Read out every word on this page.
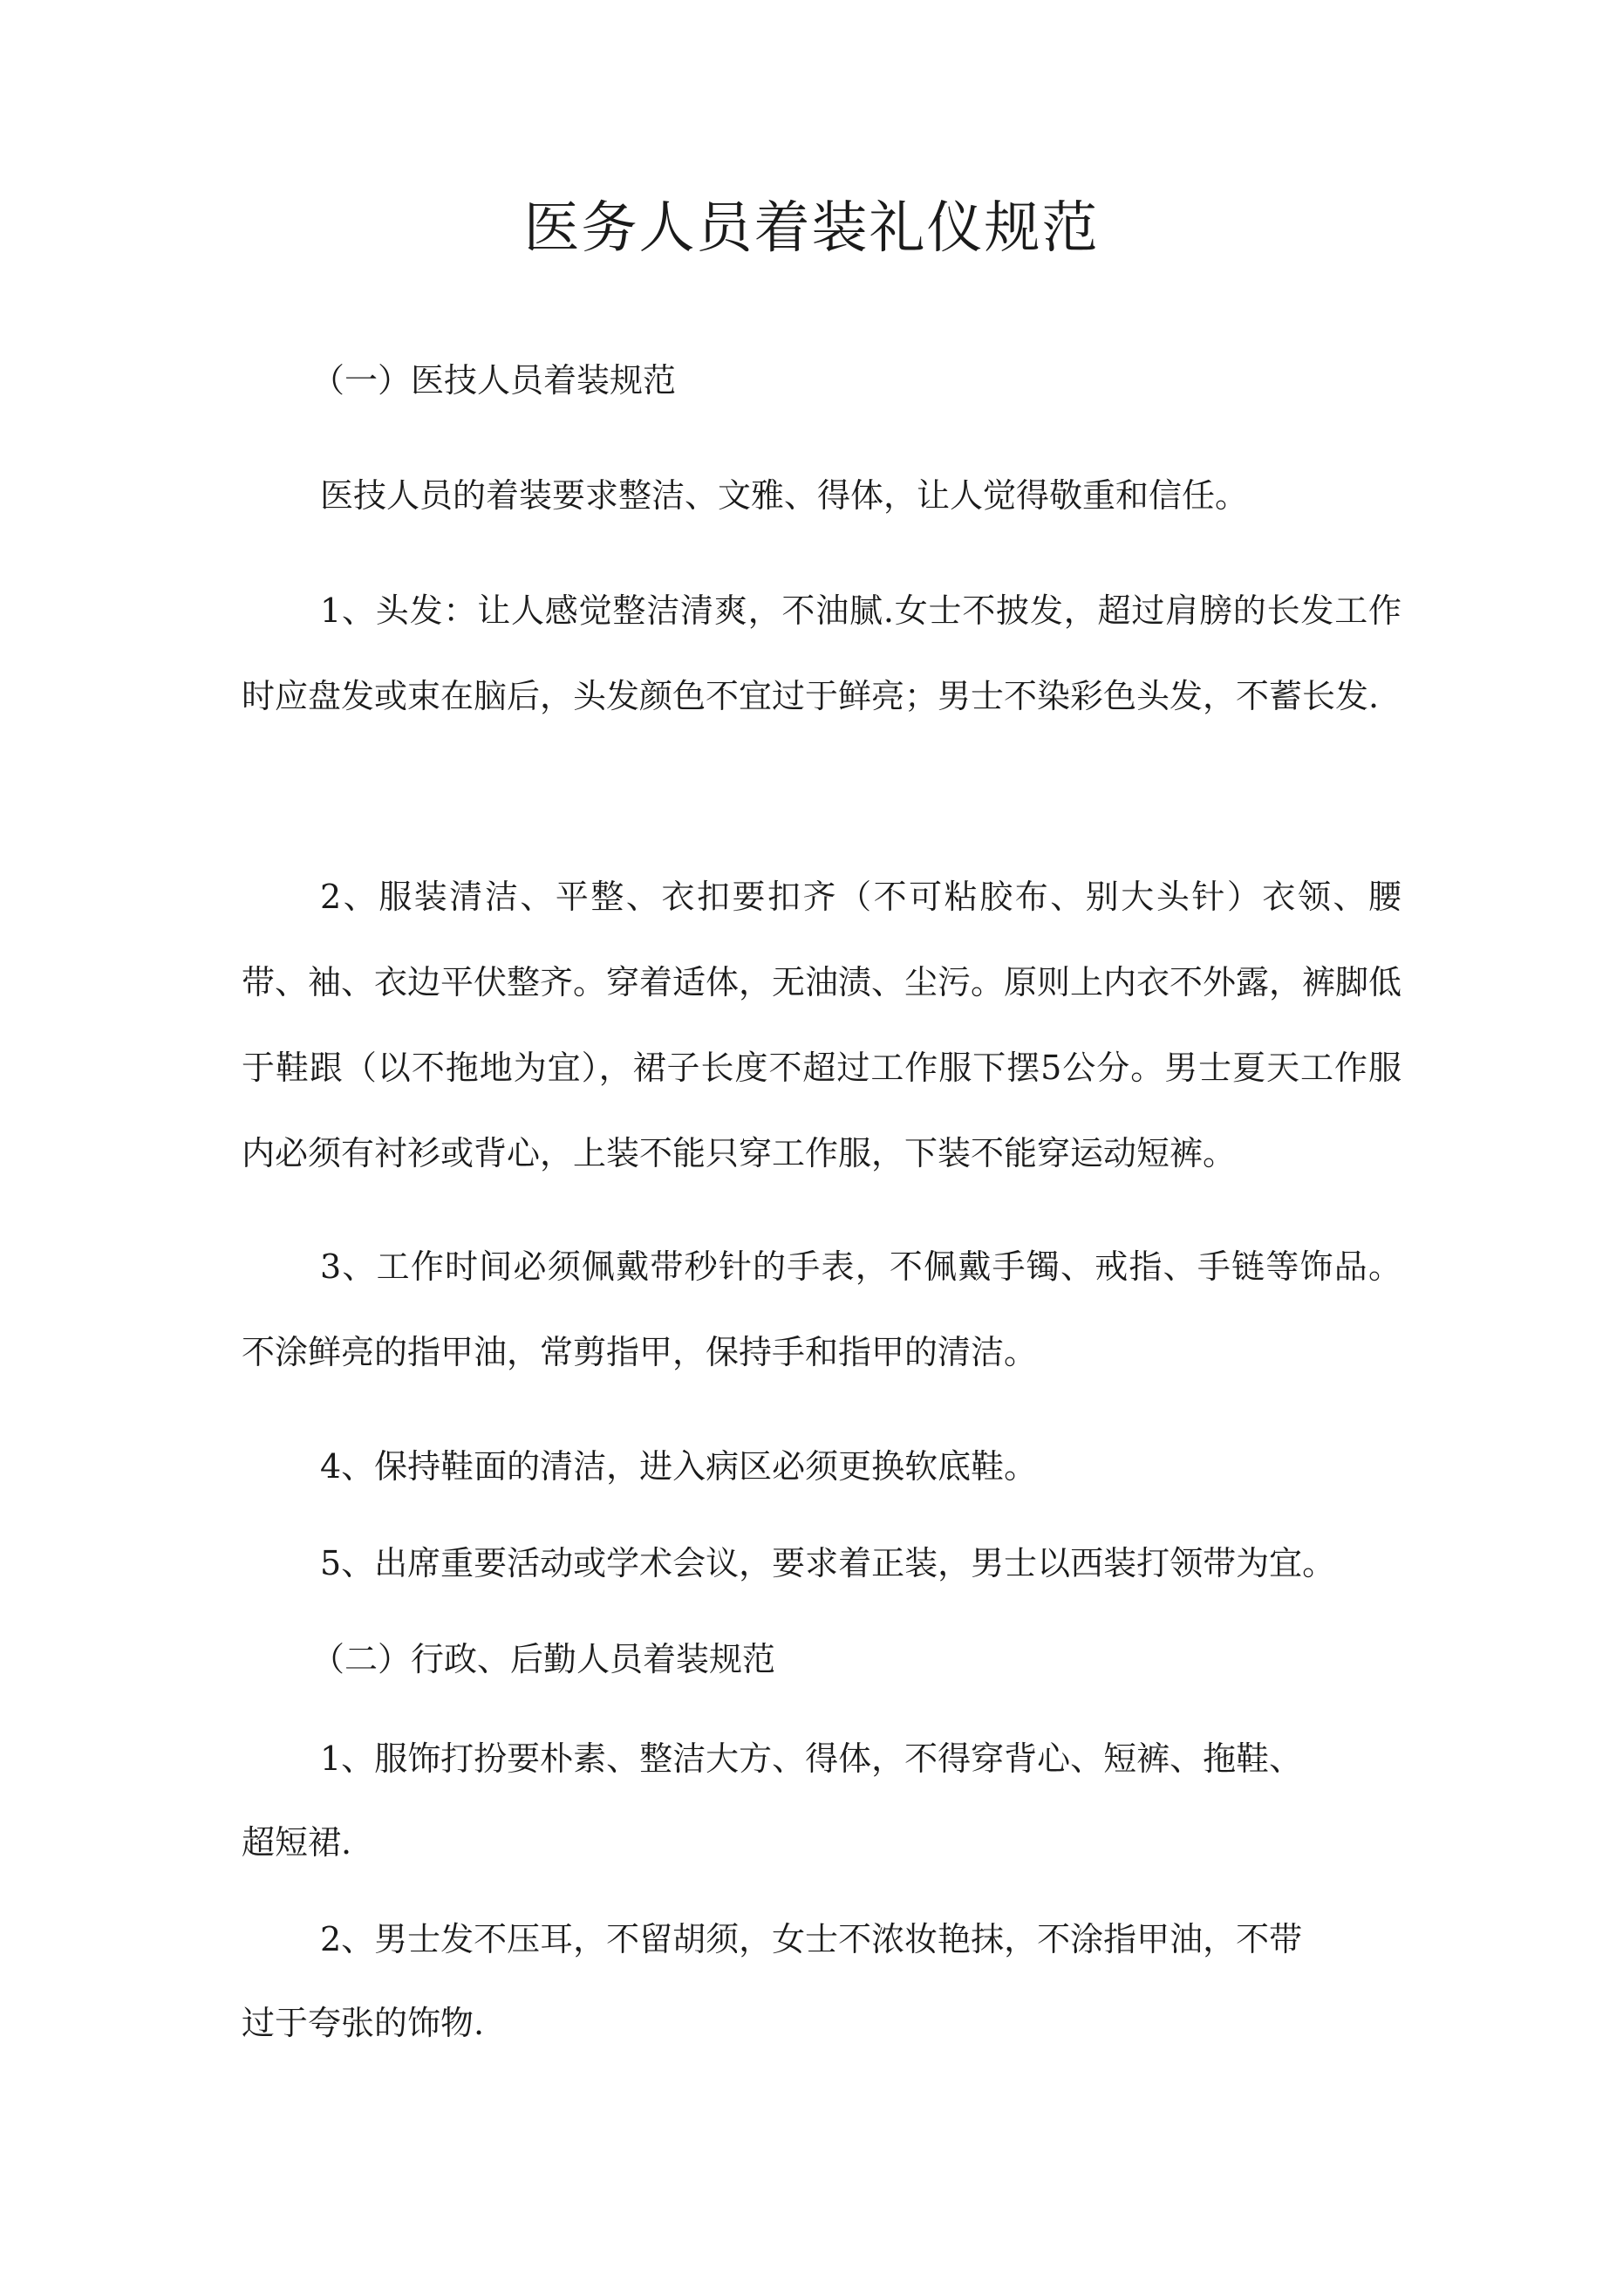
医务人员着装礼仪规范

（一）医技人员着装规范

医技人员的着装要求整洁、文雅、得体，让人觉得敬重和信任。

1、头发：让人感觉整洁清爽，不油腻.女士不披发，超过肩膀的长发工作时应盘发或束在脑后，头发颜色不宜过于鲜亮；男士不染彩色头发，不蓄长发.

2、服装清洁、平整、衣扣要扣齐（不可粘胶布、别大头针）衣领、腰带、袖、衣边平伏整齐。穿着适体，无油渍、尘污。原则上内衣不外露，裤脚低于鞋跟（以不拖地为宜），裙子长度不超过工作服下摆5公分。男士夏天工作服内必须有衬衫或背心，上装不能只穿工作服，下装不能穿运动短裤。

3、工作时间必须佩戴带秒针的手表，不佩戴手镯、戒指、手链等饰品。不涂鲜亮的指甲油，常剪指甲，保持手和指甲的清洁。

4、保持鞋面的清洁，进入病区必须更换软底鞋。

5、出席重要活动或学术会议，要求着正装，男士以西装打领带为宜。

（二）行政、后勤人员着装规范

1、服饰打扮要朴素、整洁大方、得体，不得穿背心、短裤、拖鞋、超短裙.

2、男士发不压耳，不留胡须，女士不浓妆艳抹，不涂指甲油，不带过于夸张的饰物.
